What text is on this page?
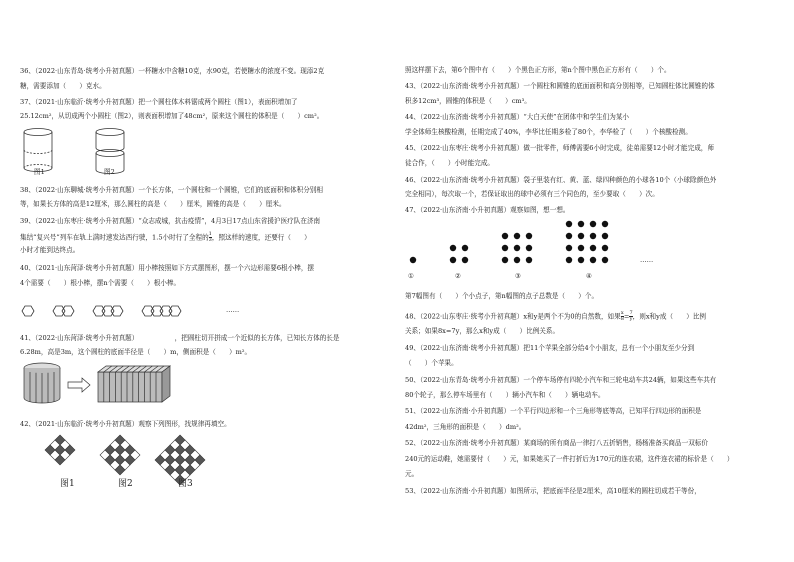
36、（2022·山东青岛·统考小升初真题）一杯糖水中含糖10克，水90克，若使糖水的浓度不变。现添2克
糖，需要添加（　　）克水。
37、（2021·山东临沂·统考小升初真题）把一个圆柱体木料锯成两个圆柱（图1），表面积增加了
25.12cm²，从切成两个小圆柱（图2），则表面积增加了48cm²，原来这个圆柱的体积是（　　）cm²。
图1	图2
38、（2022·山东聊城·统考小升初真题）一个长方体，一个圆柱和一个圆锥，它们的底面积和体积分别相
等，如果长方体的高是12厘米，那么圆柱的高是（　　）厘米，圆锥的高是（　　）厘米。
39、（2022·山东枣庄·统考小升初真题）“众志成城，抗击疫情”，4月3日17点山东省援沪医疗队在济南
集结“复兴号”列车在轨上满时速发达西行驶，1.5小时行了全程的 $\frac{1}{3}$ ，照这样的速度，还要行（　　）
小时才能到达终点。
40、（2021·山东菏泽·统考小升初真题）用小棒按照如下方式摆图形，摆一个六边形需要6根小棒，摆
4个需要（　　）根小棒，摆n个需要（　　）根小棒。
……
41、（2022·山东菏泽·统考小升初真题）　　　　　　，把圆柱切开拼成一个近似的长方体，已知长方体的长是
6.28m，高是3m，这个圆柱的底面半径是（　　）m，侧面积是（　　）m²。
42、（2021·山东临沂·统考小升初真题）观察下列图形，找规律再填空。
图1	图2	图3
照这样摆下去，第6个图中有（　　）个黑色正方形，第n个图中黑色正方形有（　　）个。
43、（2022·山东济南·统考小升初真题）一个圆柱和圆锥的底面面积和高分别相等，已知圆柱体比圆锥的体
积多12cm³，圆锥的体积是（　　）cm³。
44、（2022·山东济南·统考小升初真题）“大白天使”在团体中和学生们为某小
学全体师生核酸检测，任期完成了40%，李华比任期多检了80个，李华检了（　　）个核酸检测。
45、（2022·山东枣庄·统考小升初真题）做一批零件，师傅需要6小时完成，徒弟需要12小时才能完成，师
徒合作，（　　）小时能完成。
46、（2022·山东济南·统考小升初真题）袋子里装有红、黄、蓝、绿四种颜色的小球各10个（小球除颜色外
完全相同），每次取一个，若保证取出的球中必须有三个同色的，至少要取（　　）次。
47、（2022·山东济南·小升初真题）观察如图，想一想。
①	②	③	④
……
第7幅图有（　　）个小点子，第n幅图的点子总数是（　　）个。
48、（2022·山东枣庄·统考小升初真题）x和y是两个不为0的自然数，如果 $\frac{x}{8} = \frac{7}{y}$ ，则x和y成（　　）比例
关系；如果8x=7y，那么x和y成（　　）比例关系。
49、（2022·山东济南·统考小升初真题）把11个苹果全部分给4个小朋友，总有一个小朋友至少分到
（　　）个苹果。
50、（2022·山东青岛·统考小升初真题）一个停车场停有四轮小汽车和三轮电动车共24辆，如果这些车共有
80个轮子，那么停车场里有（　　）辆小汽车和（　　）辆电动车。
51、（2022·山东济南·小升初真题）一个平行四边形和一个三角形等底等高，已知平行四边形的面积是
42dm²，三角形的面积是（　　）dm²。
52、（2022·山东济南·统考小升初真题）某商场的所有商品一律打八五折销售，杨杨准备买商品一双标价
240元的运动鞋，她需要付（　　）元，如果她买了一件打折后为170元的连衣裙，这件连衣裙的标价是（　　）
元。
53、（2022·山东济南·小升初真题）如图所示，把底面半径是2厘米，高10厘米的圆柱切成若干等份，
